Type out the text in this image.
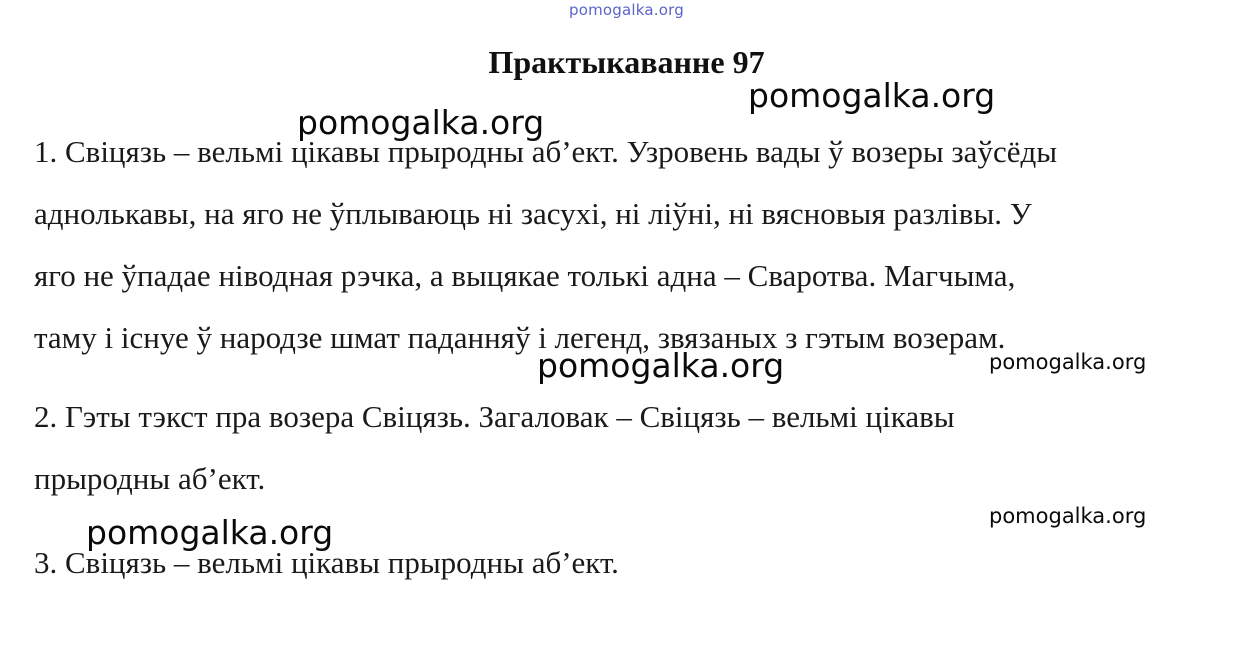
pomogalka.org
Практыкаванне 97
1. Свіцязь – вельмі цікавы прыродны аб’ект. Узровень вады ў возеры заўсёды
аднолькавы, на яго не ўплываюць ні засухі, ні ліўні, ні вясновыя разлівы. У
яго не ўпадае ніводная рэчка, а выцякае толькі адна – Сваротва. Магчыма,
таму і існуе ў народзе шмат паданняў і легенд, звязаных з гэтым возерам.
2. Гэты тэкст пра возера Свіцязь. Загаловак – Свіцязь – вельмі цікавы
прыродны аб’ект.
3. Свіцязь – вельмі цікавы прыродны аб’ект.
pomogalka.org
pomogalka.org
pomogalka.org	pomogalka.org
pomogalka.org
pomogalka.org
